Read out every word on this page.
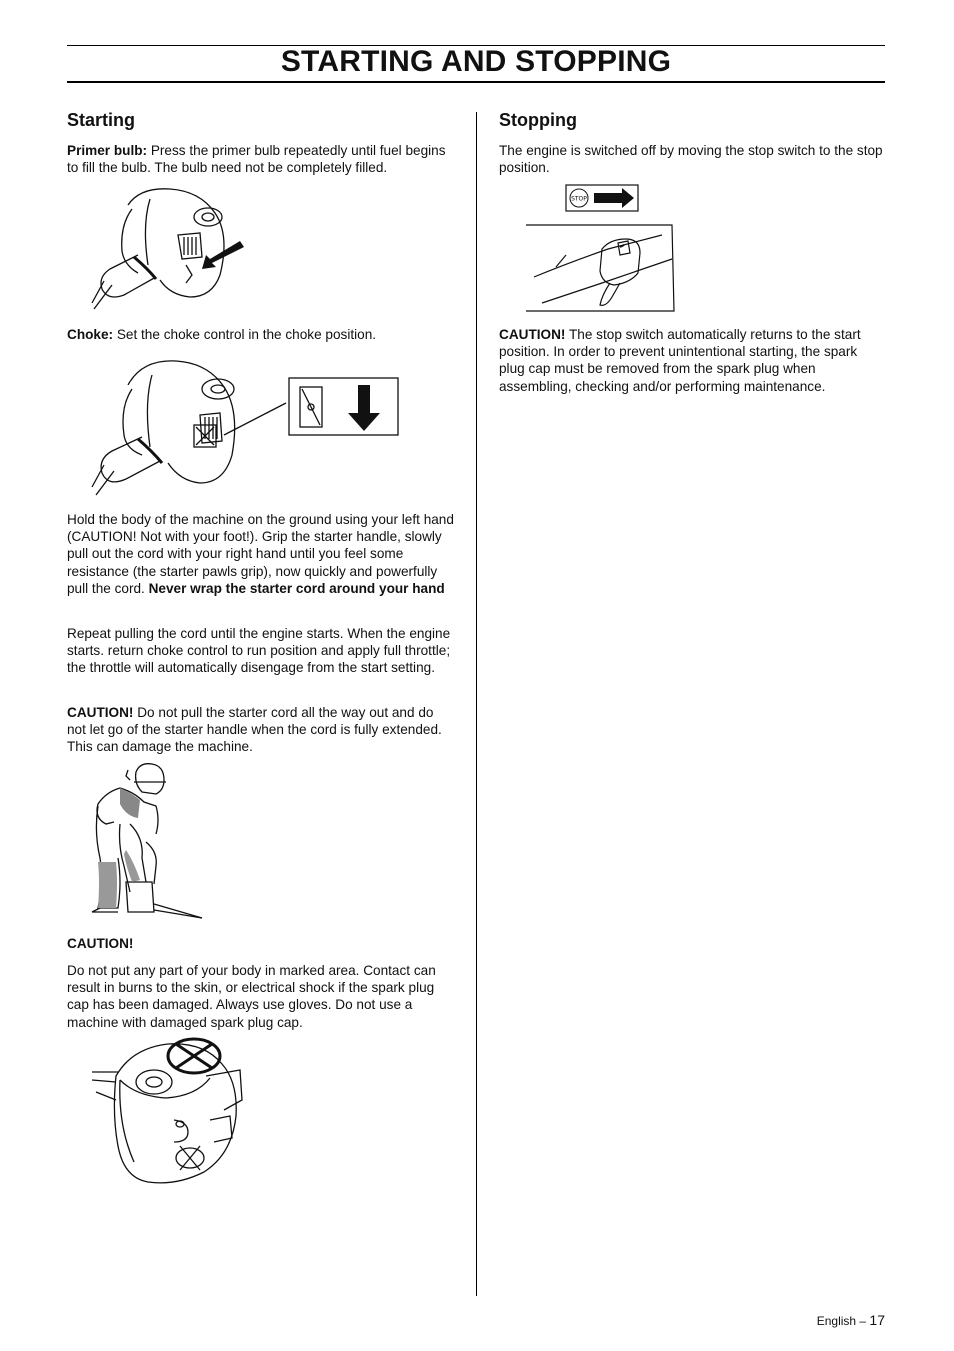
STARTING AND STOPPING
Starting

Primer bulb: Press the primer bulb repeatedly until fuel begins to fill the bulb. The bulb need not be completely filled.

Choke: Set the choke control in the choke position.

Hold the body of the machine on the ground using your left hand (CAUTION! Not with your foot!). Grip the starter handle, slowly pull out the cord with your right hand until you feel some resistance (the starter pawls grip), now quickly and powerfully pull the cord. Never wrap the starter cord around your hand

Repeat pulling the cord until the engine starts. When the engine starts. return choke control to run position and apply full throttle; the throttle will automatically disengage from the start setting.

CAUTION! Do not pull the starter cord all the way out and do not let go of the starter handle when the cord is fully extended. This can damage the machine.

CAUTION!

Do not put any part of your body in marked area. Contact can result in burns to the skin, or electrical shock if the spark plug cap has been damaged. Always use gloves. Do not use a machine with damaged spark plug cap.

Stopping

The engine is switched off by moving the stop switch to the stop position.

STOP

CAUTION! The stop switch automatically returns to the start position. In order to prevent unintentional starting, the spark plug cap must be removed from the spark plug when assembling, checking and/or performing maintenance.

English – 17
